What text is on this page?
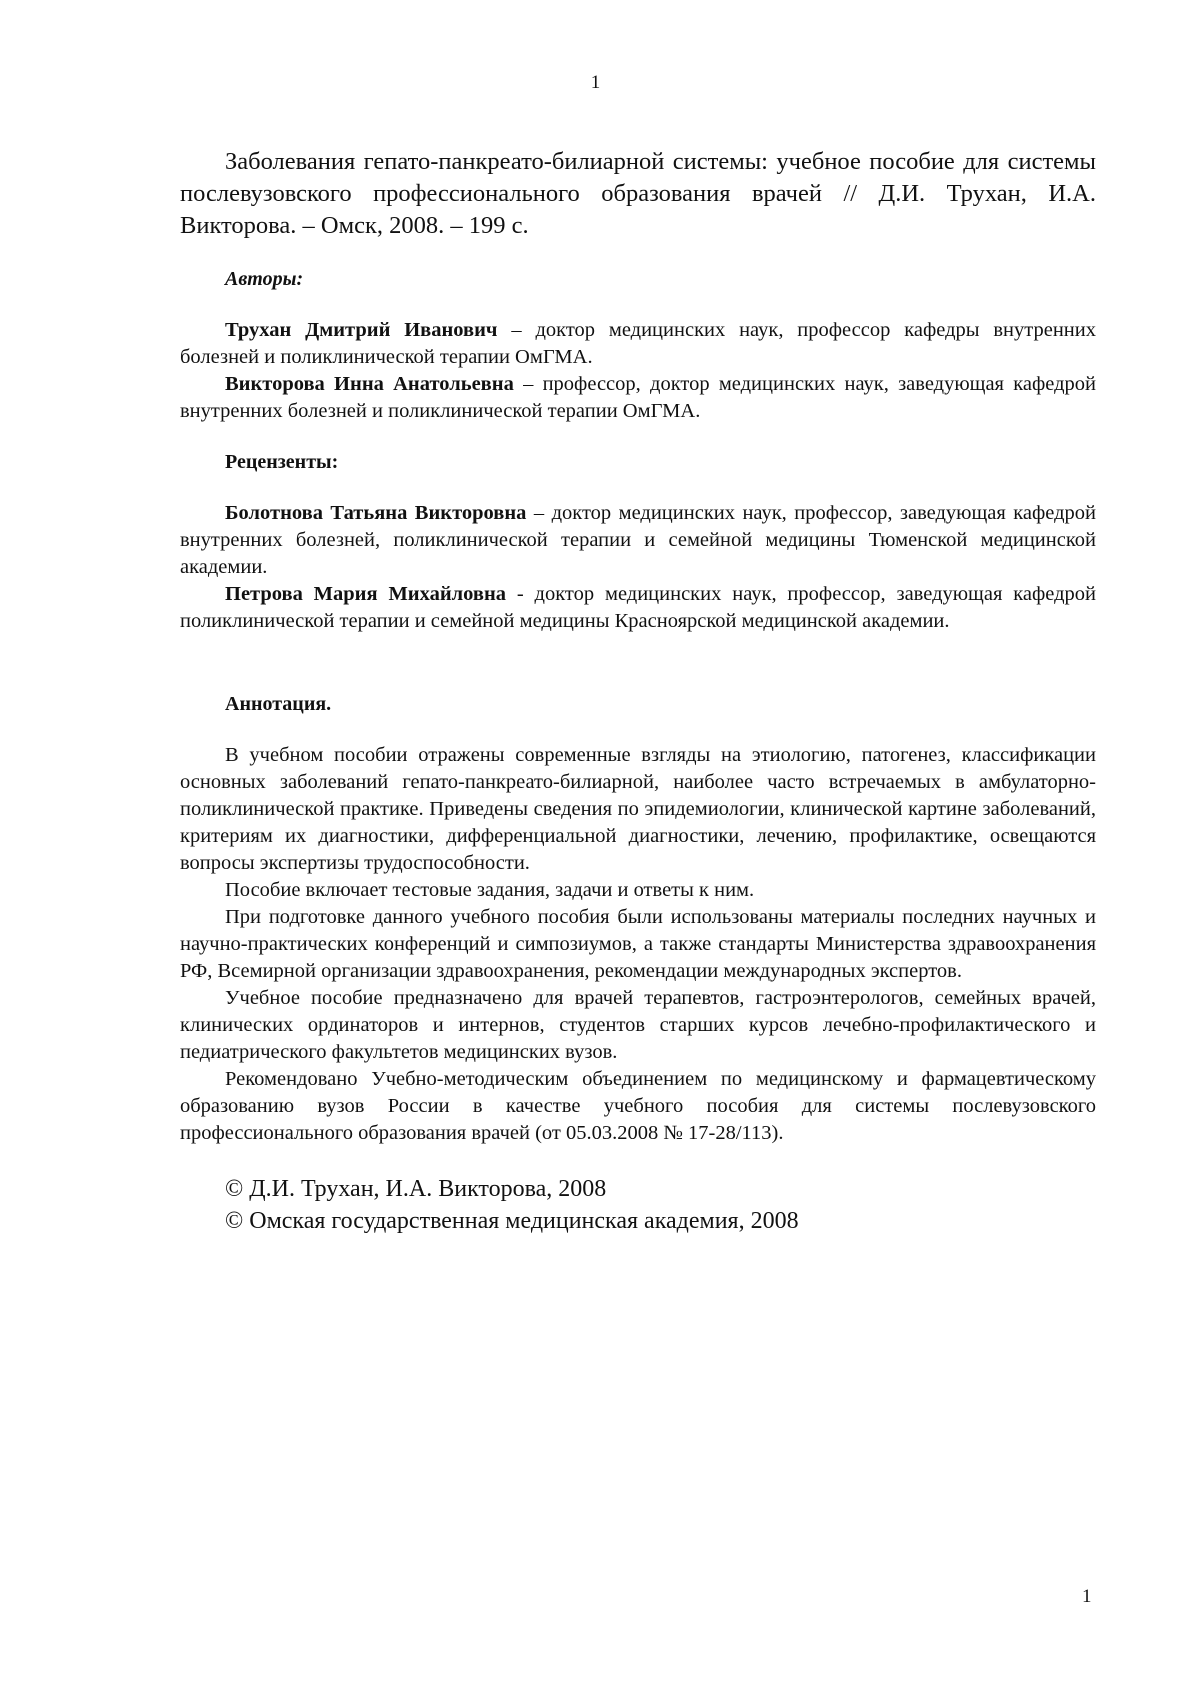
1

Заболевания гепато-панкреато-билиарной системы: учебное пособие для системы послевузовского профессионального образования врачей // Д.И. Трухан, И.А. Викторова. – Омск, 2008. – 199 с.

Авторы:

Трухан Дмитрий Иванович – доктор медицинских наук, профессор кафедры внутренних болезней и поликлинической терапии ОмГМА.

Викторова Инна Анатольевна – профессор, доктор медицинских наук, заведующая кафедрой внутренних болезней и поликлинической терапии ОмГМА.

Рецензенты:

Болотнова Татьяна Викторовна – доктор медицинских наук, профессор, заведующая кафедрой внутренних болезней, поликлинической терапии и семейной медицины Тюменской медицинской академии.

Петрова Мария Михайловна - доктор медицинских наук, профессор, заведующая кафедрой поликлинической терапии и семейной медицины Красноярской медицинской академии.

Аннотация.

В учебном пособии отражены современные взгляды на этиологию, патогенез, классификации основных заболеваний гепато-панкреато-билиарной, наиболее часто встречаемых в амбулаторно-поликлинической практике. Приведены сведения по эпидемиологии, клинической картине заболеваний, критериям их диагностики, дифференциальной диагностики, лечению, профилактике, освещаются вопросы экспертизы трудоспособности.

Пособие включает тестовые задания, задачи и ответы к ним.

При подготовке данного учебного пособия были использованы материалы последних научных и научно-практических конференций и симпозиумов, а также стандарты Министерства здравоохранения РФ, Всемирной организации здравоохранения, рекомендации международных экспертов.

Учебное пособие предназначено для врачей терапевтов, гастроэнтерологов, семейных врачей, клинических ординаторов и интернов, студентов старших курсов лечебно-профилактического и педиатрического факультетов медицинских вузов.

Рекомендовано Учебно-методическим объединением по медицинскому и фармацевтическому образованию вузов России в качестве учебного пособия для системы послевузовского профессионального образования врачей (от 05.03.2008 № 17-28/113).

© Д.И. Трухан, И.А. Викторова, 2008

© Омская государственная медицинская академия, 2008

1
